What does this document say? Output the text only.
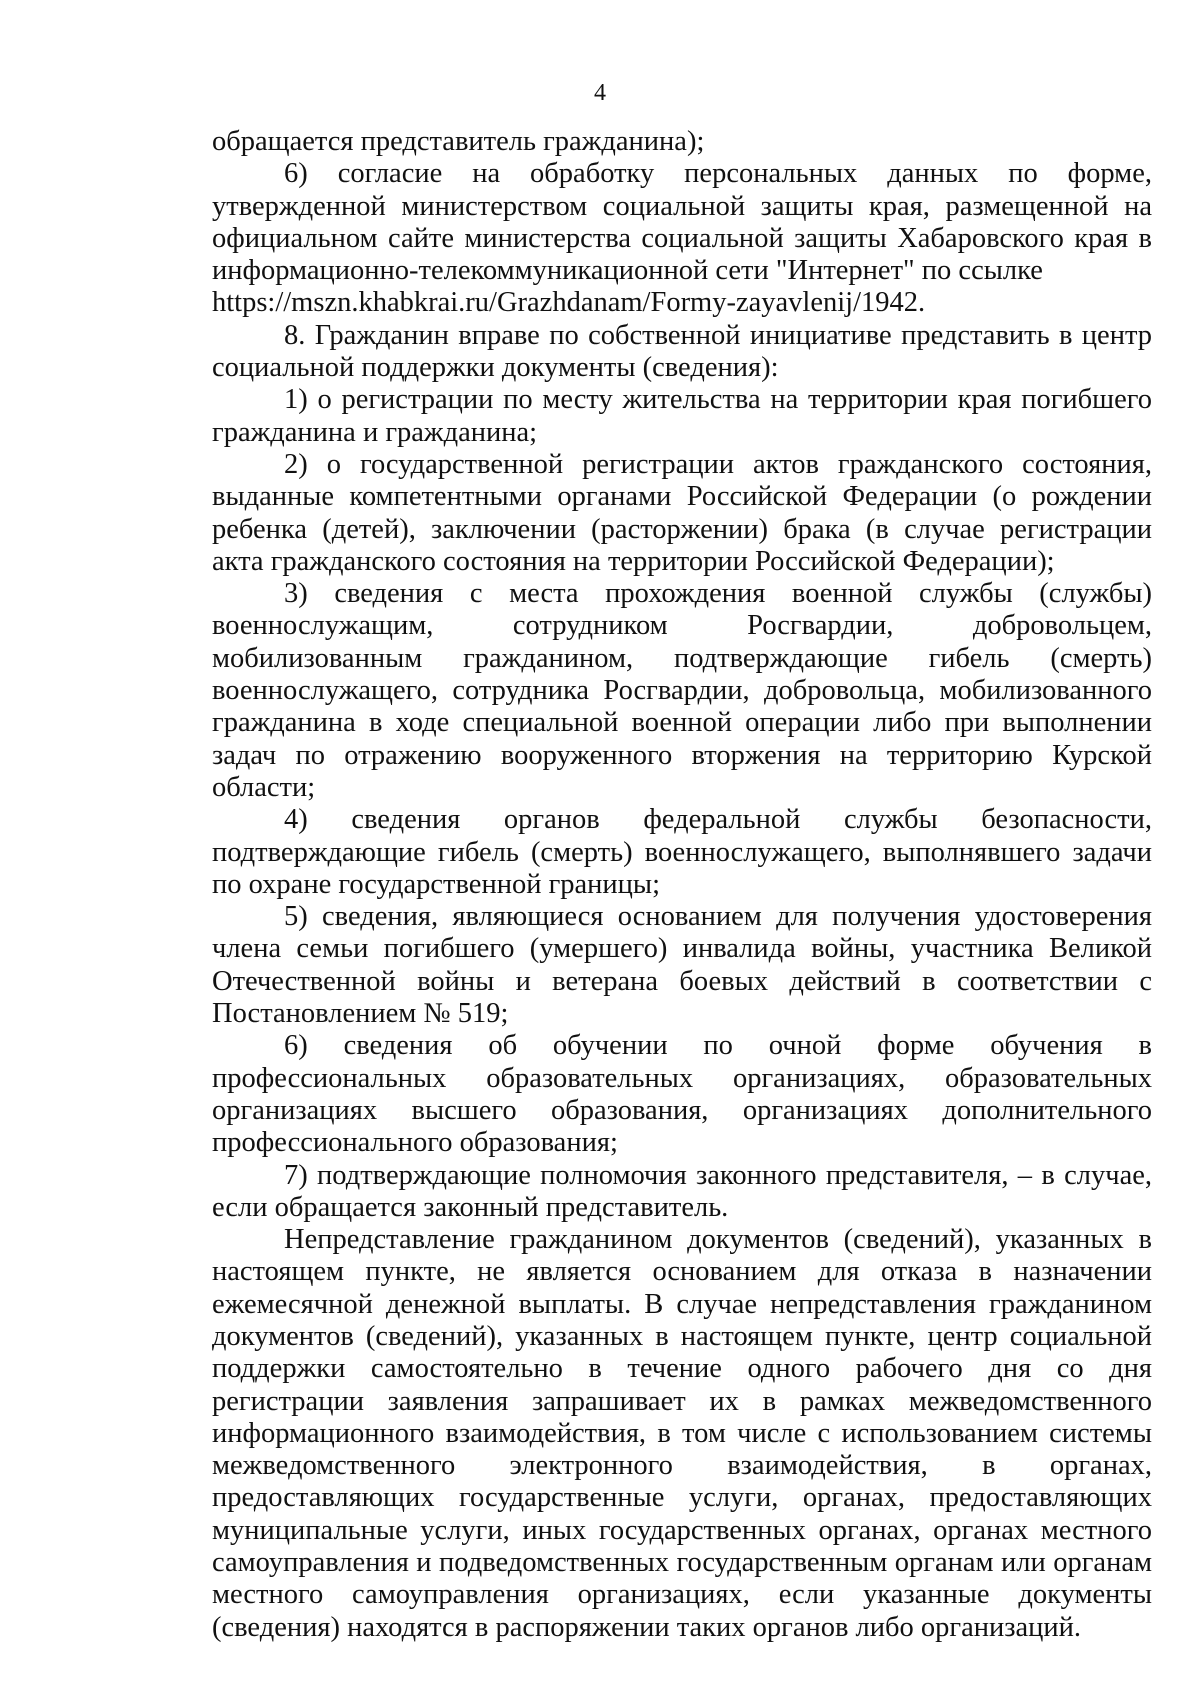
4

обращается представитель гражданина);

6) согласие на обработку персональных данных по форме, утвержденной министерством социальной защиты края, размещенной на официальном сайте министерства социальной защиты Хабаровского края в информационно-телекоммуникационной сети "Интернет" по ссылке

https://mszn.khabkrai.ru/Grazhdanam/Formy-zayavlenij/1942.

8. Гражданин вправе по собственной инициативе представить в центр социальной поддержки документы (сведения):

1) о регистрации по месту жительства на территории края погибшего гражданина и гражданина;

2) о государственной регистрации актов гражданского состояния, выданные компетентными органами Российской Федерации (о рождении ребенка (детей), заключении (расторжении) брака (в случае регистрации акта гражданского состояния на территории Российской Федерации);

3) сведения с места прохождения военной службы (службы) военнослужащим, сотрудником Росгвардии, добровольцем, мобилизованным гражданином, подтверждающие гибель (смерть) военнослужащего, сотрудника Росгвардии, добровольца, мобилизованного гражданина в ходе специальной военной операции либо при выполнении задач по отражению вооруженного вторжения на территорию Курской области;

4) сведения органов федеральной службы безопасности, подтверждающие гибель (смерть) военнослужащего, выполнявшего задачи по охране государственной границы;

5) сведения, являющиеся основанием для получения удостоверения члена семьи погибшего (умершего) инвалида войны, участника Великой Отечественной войны и ветерана боевых действий в соответствии с Постановлением № 519;

6) сведения об обучении по очной форме обучения в профессиональных образовательных организациях, образовательных организациях высшего образования, организациях дополнительного профессионального образования;

7) подтверждающие полномочия законного представителя, – в случае, если обращается законный представитель.

Непредставление гражданином документов (сведений), указанных в настоящем пункте, не является основанием для отказа в назначении ежемесячной денежной выплаты. В случае непредставления гражданином документов (сведений), указанных в настоящем пункте, центр социальной поддержки самостоятельно в течение одного рабочего дня со дня регистрации заявления запрашивает их в рамках межведомственного информационного взаимодействия, в том числе с использованием системы межведомственного электронного взаимодействия, в органах, предоставляющих государственные услуги, органах, предоставляющих муниципальные услуги, иных государственных органах, органах местного самоуправления и подведомственных государственным органам или органам местного самоуправления организациях, если указанные документы (сведения) находятся в распоряжении таких органов либо организаций.
